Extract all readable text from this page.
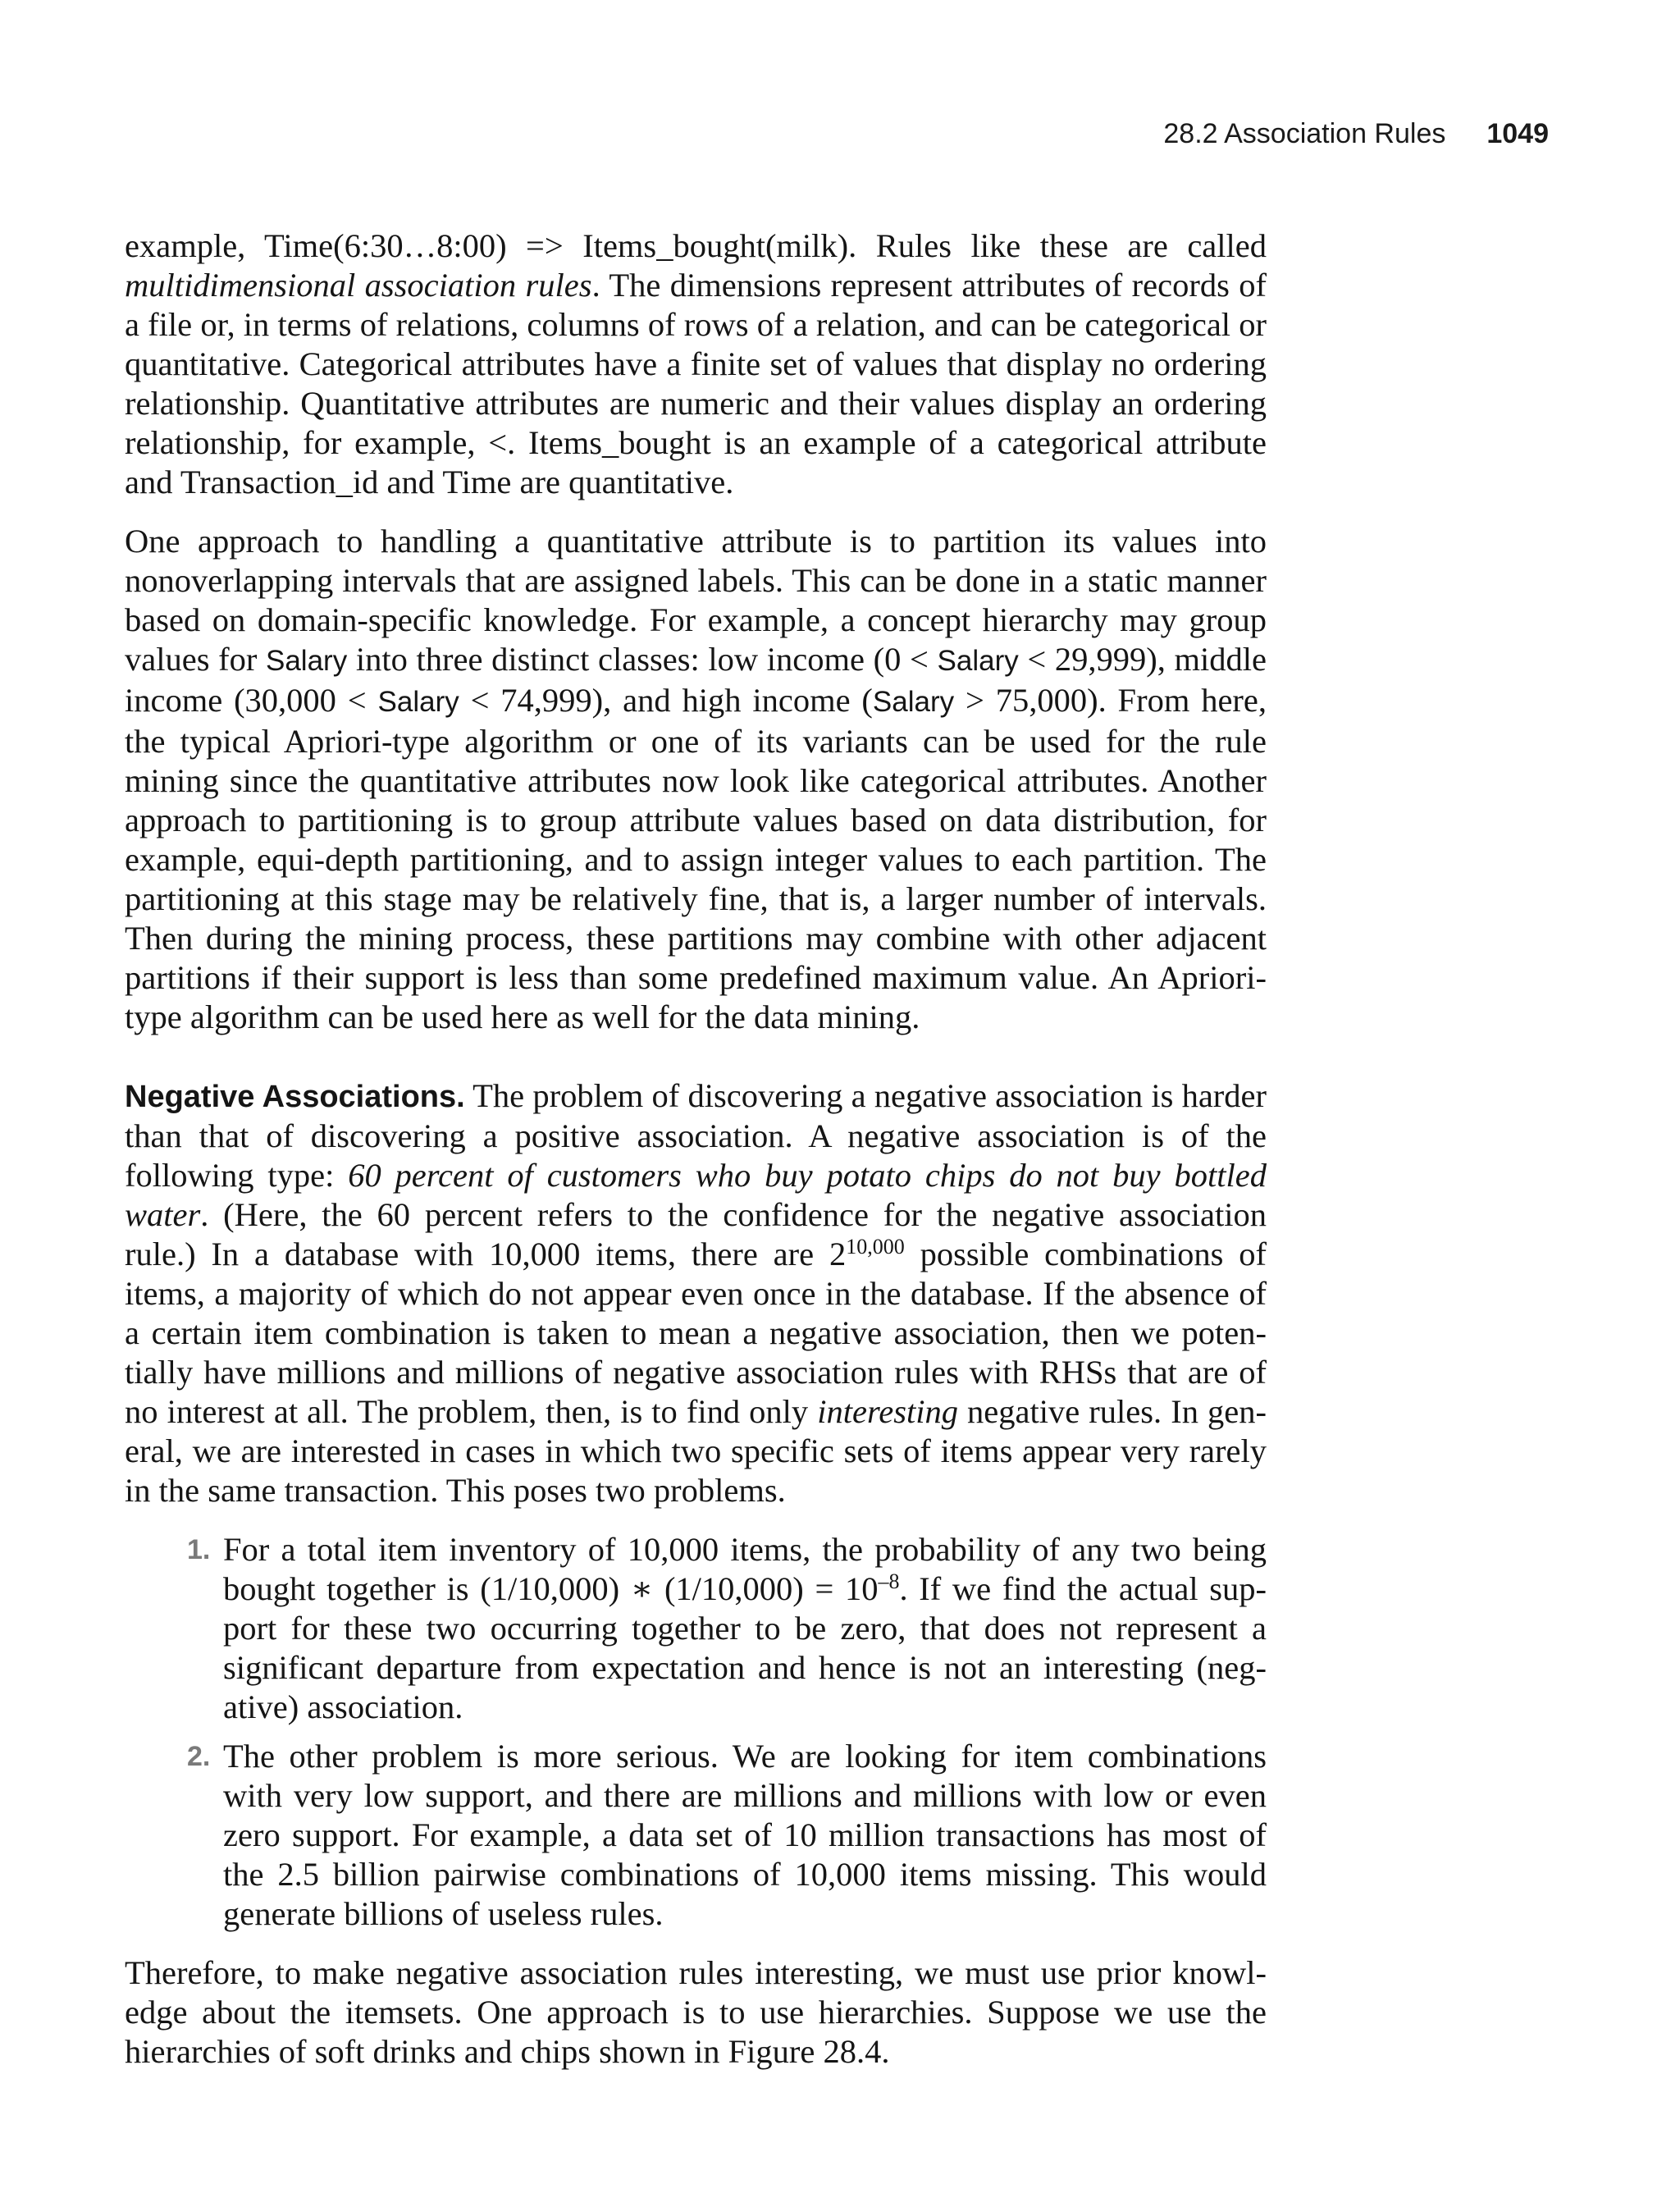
28.2 Association Rules 1049

example, Time(6:30…8:00) => Items_bought(milk). Rules like these are called multidimensional association rules. The dimensions represent attributes of records of a file or, in terms of relations, columns of rows of a relation, and can be categorical or quantitative. Categorical attributes have a finite set of values that display no ordering relationship. Quantitative attributes are numeric and their values display an ordering relationship, for example, <. Items_bought is an example of a categorical attribute and Transaction_id and Time are quantitative.

One approach to handling a quantitative attribute is to partition its values into nonoverlapping intervals that are assigned labels. This can be done in a static manner based on domain-specific knowledge. For example, a concept hierarchy may group values for Salary into three distinct classes: low income (0 < Salary < 29,999), middle income (30,000 < Salary < 74,999), and high income (Salary > 75,000). From here, the typical Apriori-type algorithm or one of its variants can be used for the rule mining since the quantitative attributes now look like categorical attributes. Another approach to partitioning is to group attribute values based on data distribution, for example, equi-depth partitioning, and to assign integer values to each partition. The partitioning at this stage may be relatively fine, that is, a larger number of intervals. Then during the mining process, these partitions may combine with other adjacent partitions if their support is less than some predefined maximum value. An Apriori-type algorithm can be used here as well for the data mining.

Negative Associations. The problem of discovering a negative association is harder than that of discovering a positive association. A negative association is of the following type: 60 percent of customers who buy potato chips do not buy bottled water. (Here, the 60 percent refers to the confidence for the negative association rule.) In a database with 10,000 items, there are 2$^{10,000}$ possible combinations of items, a majority of which do not appear even once in the database. If the absence of a certain item combination is taken to mean a negative association, then we potentially have millions and millions of negative association rules with RHSs that are of no interest at all. The problem, then, is to find only interesting negative rules. In general, we are interested in cases in which two specific sets of items appear very rarely in the same transaction. This poses two problems.

1. For a total item inventory of 10,000 items, the probability of any two being bought together is (1/10,000) ∗ $(1/10,000) = 10^{-8}$. If we find the actual support for these two occurring together to be zero, that does not represent a significant departure from expectation and hence is not an interesting (negative) association.
2. The other problem is more serious. We are looking for item combinations with very low support, and there are millions and millions with low or even zero support. For example, a data set of 10 million transactions has most of the 2.5 billion pairwise combinations of 10,000 items missing. This would generate billions of useless rules.

Therefore, to make negative association rules interesting, we must use prior knowledge about the itemsets. One approach is to use hierarchies. Suppose we use the hierarchies of soft drinks and chips shown in Figure 28.4.
